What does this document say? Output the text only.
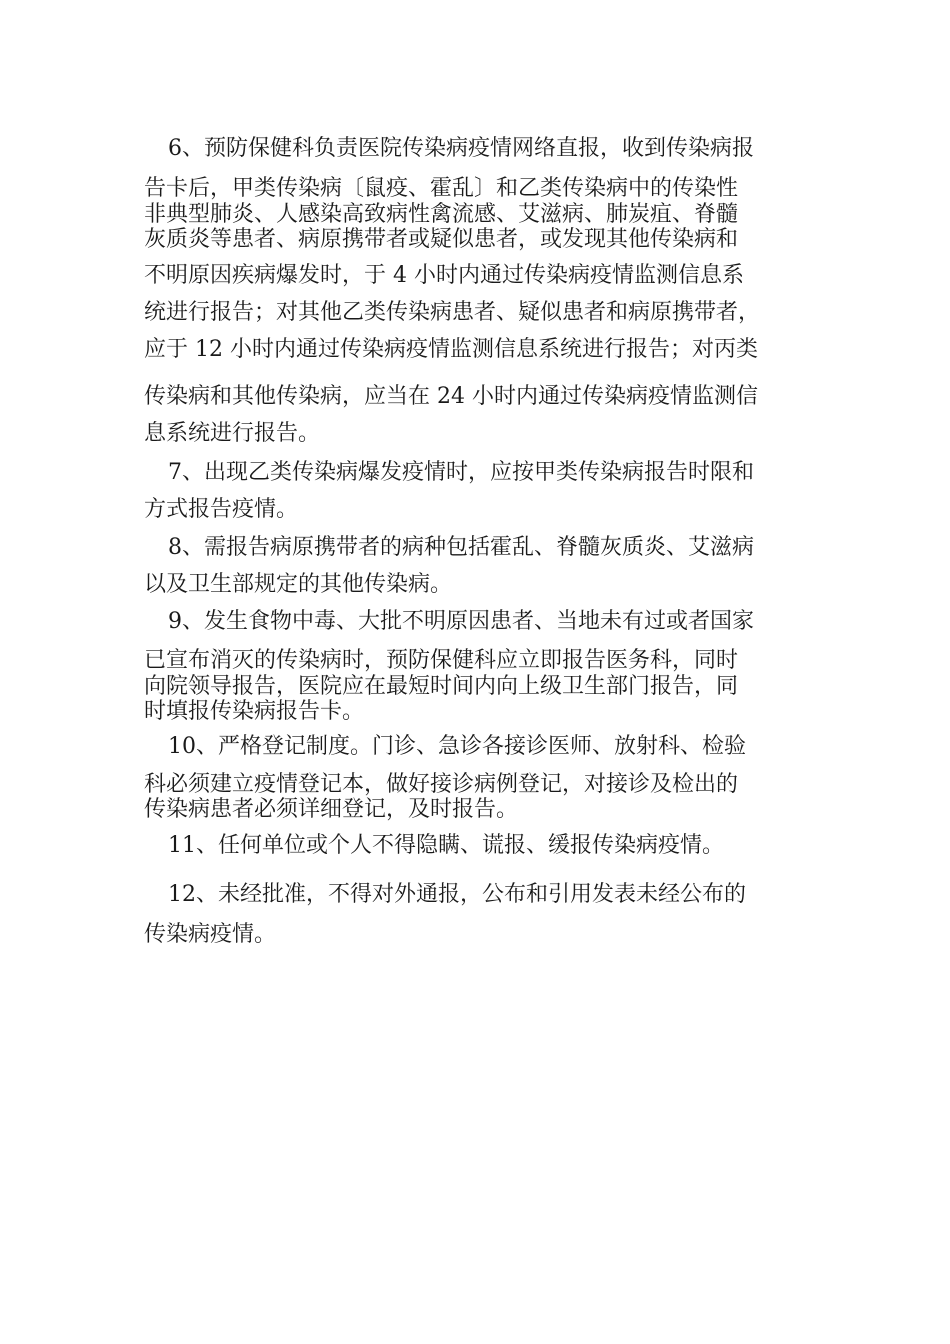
6、预防保健科负责医院传染病疫情网络直报，收到传染病报
告卡后，甲类传染病〔鼠疫、霍乱〕和乙类传染病中的传染性
非典型肺炎、人感染高致病性禽流感、艾滋病、肺炭疽、脊髓
灰质炎等患者、病原携带者或疑似患者，或发现其他传染病和
不明原因疾病爆发时，于 4 小时内通过传染病疫情监测信息系
统进行报告；对其他乙类传染病患者、疑似患者和病原携带者，
应于 12 小时内通过传染病疫情监测信息系统进行报告；对丙类
传染病和其他传染病，应当在 24 小时内通过传染病疫情监测信
息系统进行报告。
7、出现乙类传染病爆发疫情时，应按甲类传染病报告时限和
方式报告疫情。
8、需报告病原携带者的病种包括霍乱、脊髓灰质炎、艾滋病
以及卫生部规定的其他传染病。
9、发生食物中毒、大批不明原因患者、当地未有过或者国家
已宣布消灭的传染病时，预防保健科应立即报告医务科，同时
向院领导报告，医院应在最短时间内向上级卫生部门报告，同
时填报传染病报告卡。
10、严格登记制度。门诊、急诊各接诊医师、放射科、检验
科必须建立疫情登记本，做好接诊病例登记，对接诊及检出的
传染病患者必须详细登记，及时报告。
11、任何单位或个人不得隐瞒、谎报、缓报传染病疫情。
12、未经批准，不得对外通报，公布和引用发表未经公布的
传染病疫情。
